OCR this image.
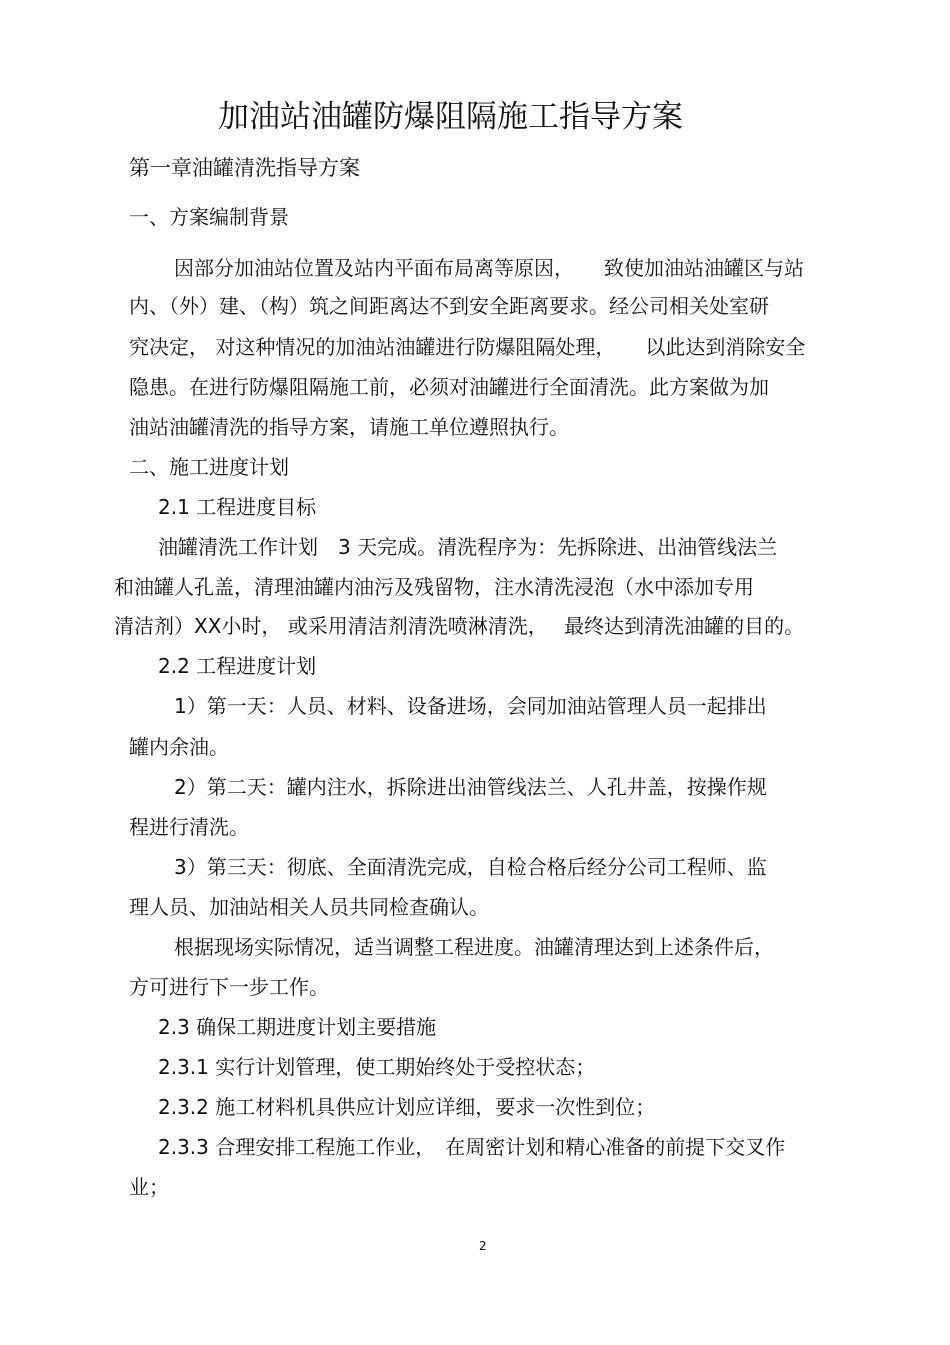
加油站油罐防爆阻隔施工指导方案
第一章油罐清洗指导方案
一、方案编制背景
因部分加油站位置及站内平面布局离等原因，　　致使加油站油罐区与站
内、（外）建、（构）筑之间距离达不到安全距离要求。经公司相关处室研
究决定， 对这种情况的加油站油罐进行防爆阻隔处理，　　以此达到消除安全
隐患。在进行防爆阻隔施工前，必须对油罐进行全面清洗。此方案做为加
油站油罐清洗的指导方案，请施工单位遵照执行。
二、施工进度计划
2.1 工程进度目标
油罐清洗工作计划　3 天完成。清洗程序为：先拆除进、出油管线法兰
和油罐人孔盖，清理油罐内油污及残留物，注水清洗浸泡（水中添加专用
清洁剂）XX小时， 或采用清洁剂清洗喷淋清洗，　 最终达到清洗油罐的目的。
2.2 工程进度计划
1）第一天：人员、材料、设备进场，会同加油站管理人员一起排出
罐内余油。
2）第二天：罐内注水，拆除进出油管线法兰、人孔井盖，按操作规
程进行清洗。
3）第三天：彻底、全面清洗完成，自检合格后经分公司工程师、监
理人员、加油站相关人员共同检查确认。
根据现场实际情况，适当调整工程进度。油罐清理达到上述条件后，
方可进行下一步工作。
2.3 确保工期进度计划主要措施
2.3.1 实行计划管理，使工期始终处于受控状态；
2.3.2 施工材料机具供应计划应详细，要求一次性到位；
2.3.3 合理安排工程施工作业，　在周密计划和精心准备的前提下交叉作
业；
2
